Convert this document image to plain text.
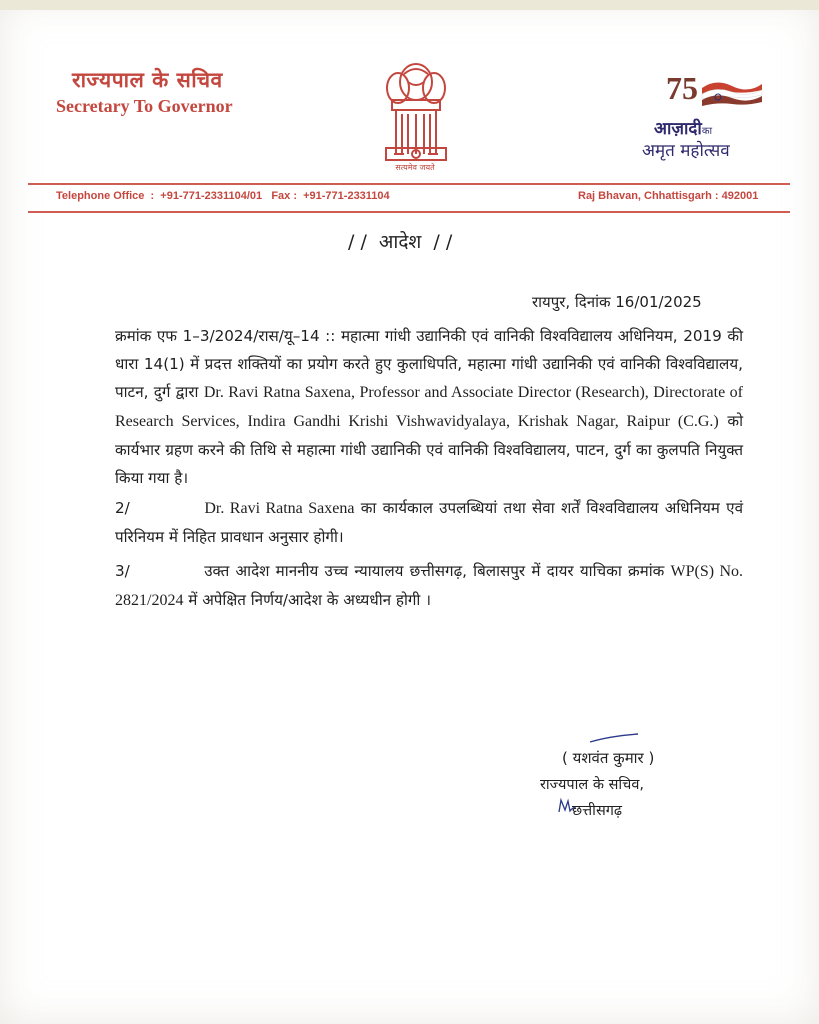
राज्यपाल के सचिव
Secretary To Governor
सत्यमेव जयते
75
आज़ादीका
अमृत महोत्सव
Telephone Office  :  +91-771-2331104/01   Fax :  +91-771-2331104	Raj Bhavan, Chhattisgarh : 492001
/ /  आदेश  / /
रायपुर, दिनांक 16/01/2025

क्रमांक एफ 1–3/2024/रास/यू–14 :: महात्मा गांधी उद्यानिकी एवं वानिकी विश्वविद्यालय अधिनियम, 2019 की धारा 14(1) में प्रदत्त शक्तियों का प्रयोग करते हुए कुलाधिपति, महात्मा गांधी उद्यानिकी एवं वानिकी विश्वविद्यालय, पाटन, दुर्ग द्वारा Dr. Ravi Ratna Saxena, Professor and Associate Director (Research), Directorate of Research Services, Indira Gandhi Krishi Vishwavidyalaya, Krishak Nagar, Raipur (C.G.) को कार्यभार ग्रहण करने की तिथि से महात्मा गांधी उद्यानिकी एवं वानिकी विश्वविद्यालय, पाटन, दुर्ग का कुलपति नियुक्त किया गया है।

2/	Dr. Ravi Ratna Saxena का कार्यकाल उपलब्धियां तथा सेवा शर्तें विश्वविद्यालय अधिनियम एवं परिनियम में निहित प्रावधान अनुसार होगी।

3/	उक्त आदेश माननीय उच्च न्यायालय छत्तीसगढ़, बिलासपुर में दायर याचिका क्रमांक WP(S) No. 2821/2024 में अपेक्षित निर्णय/आदेश के अध्यधीन होगी ।

( यशवंत कुमार )
राज्यपाल के सचिव,
छत्तीसगढ़
